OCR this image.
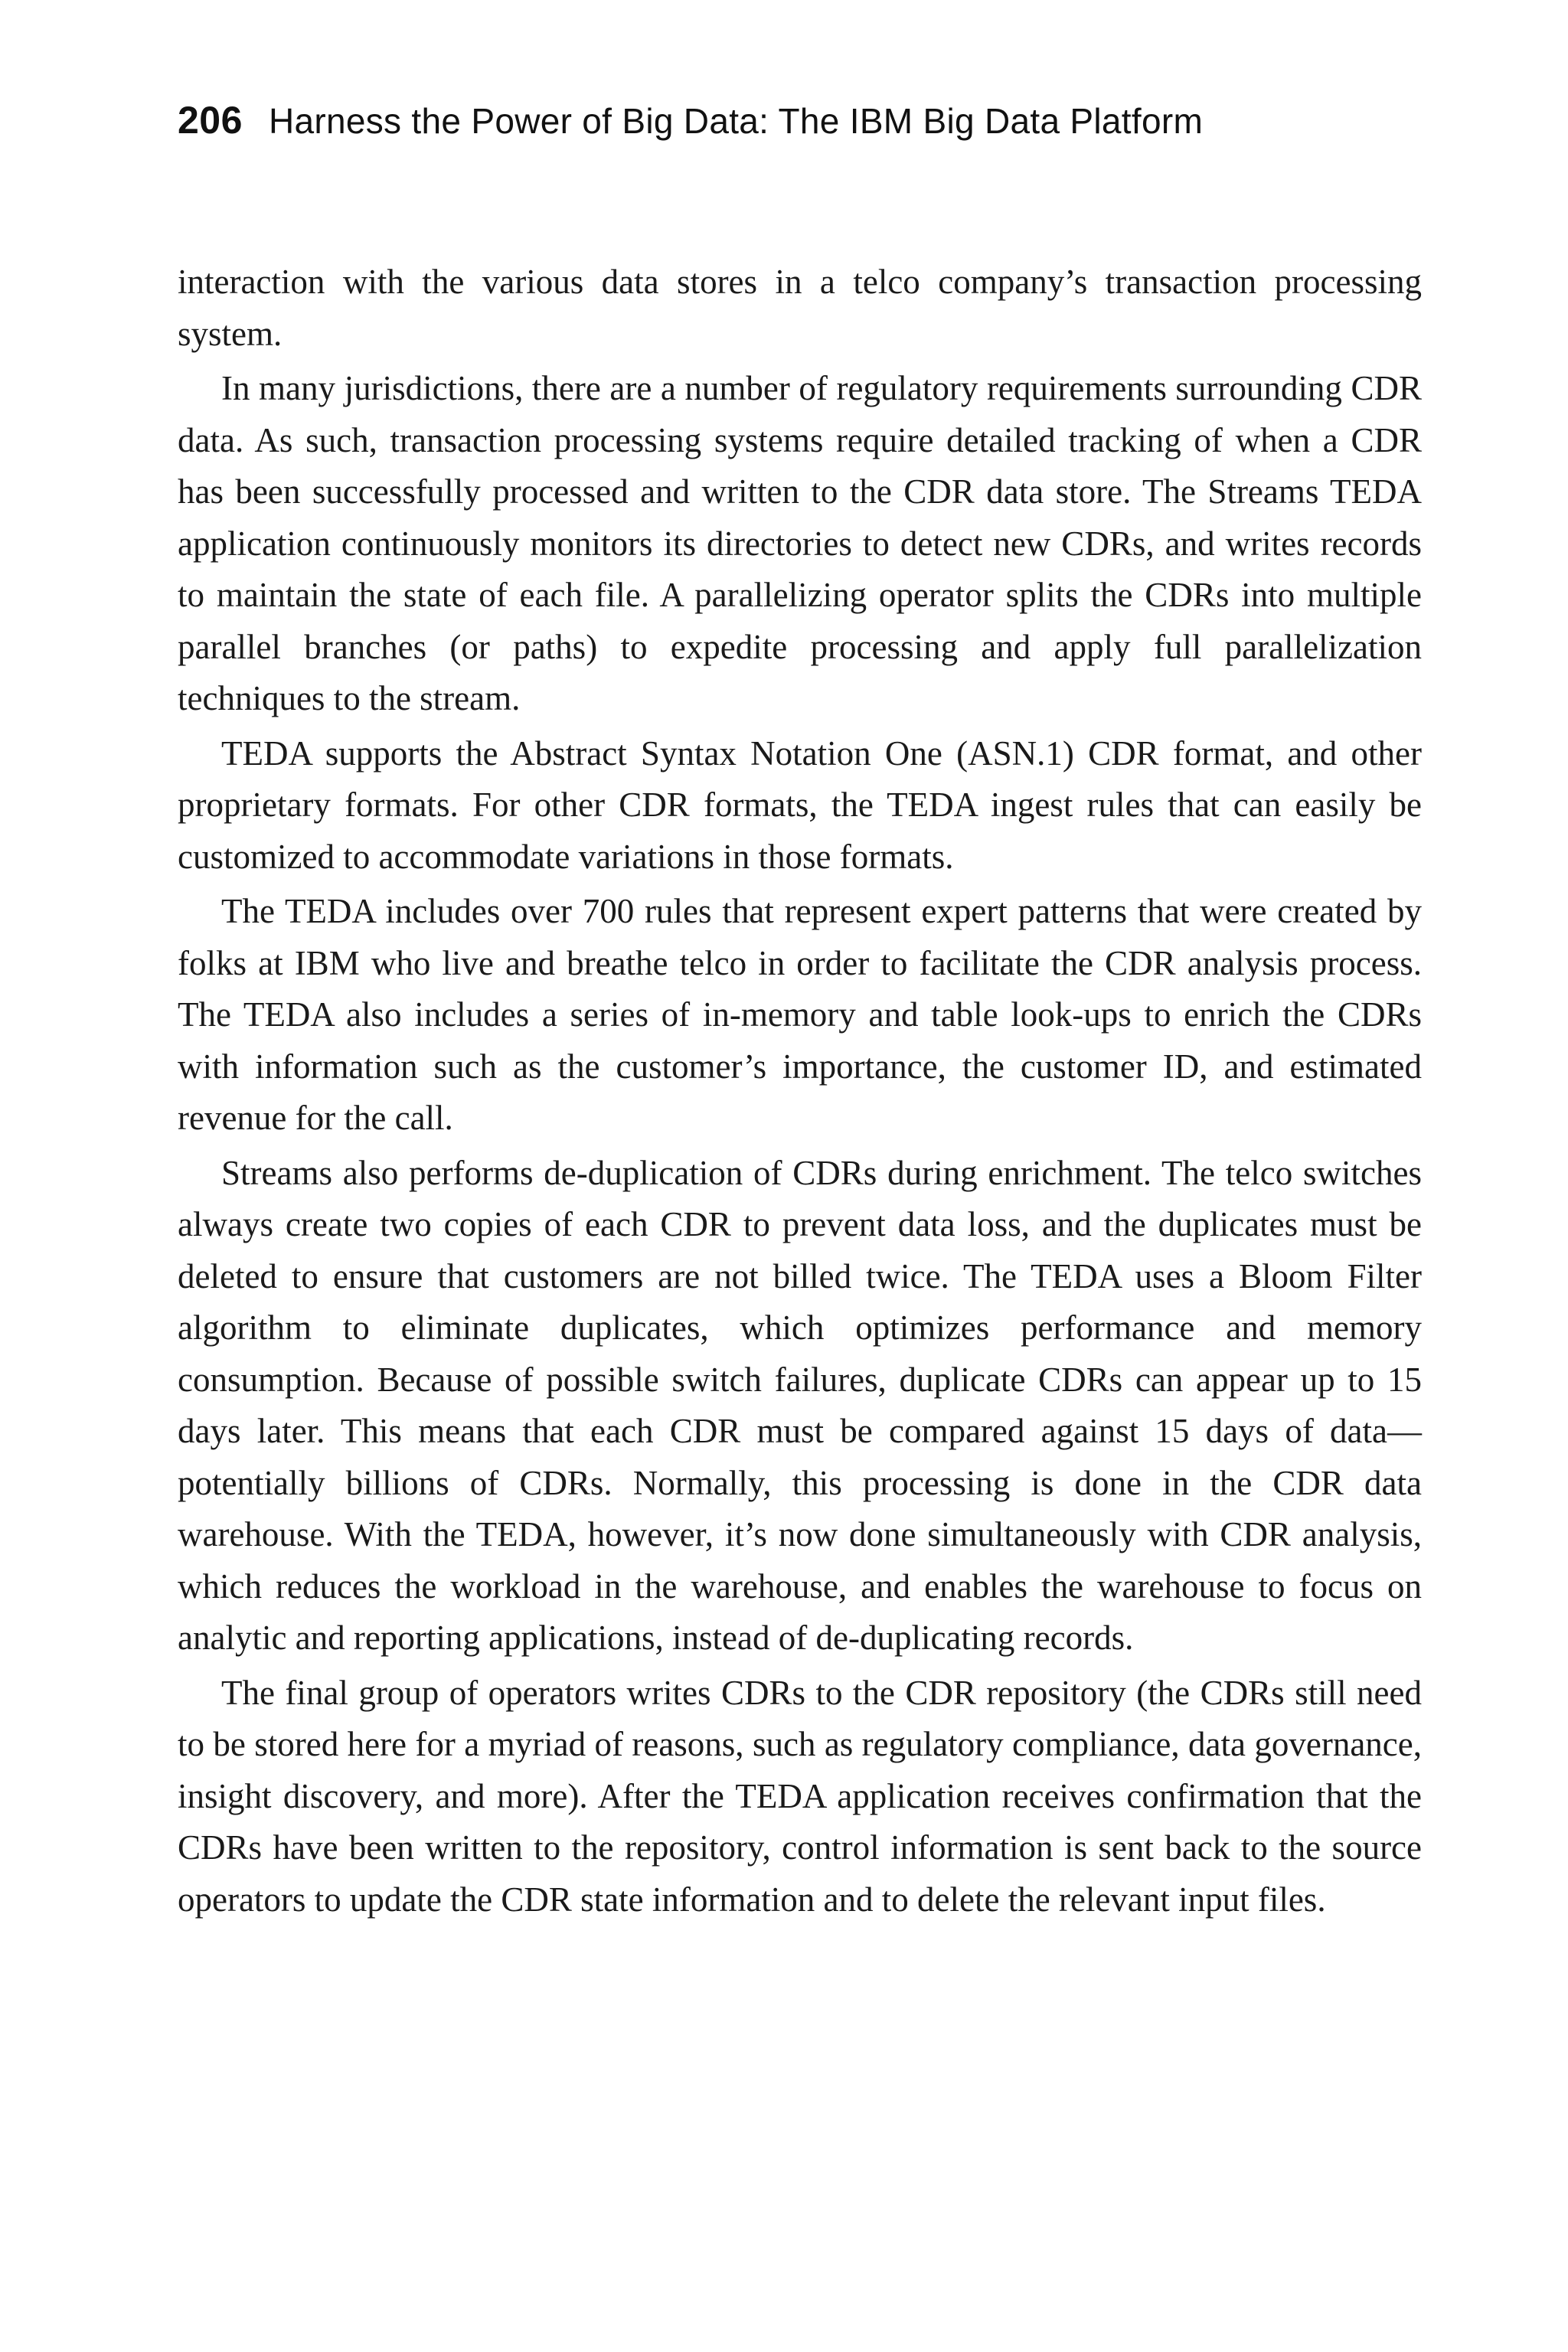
206 Harness the Power of Big Data: The IBM Big Data Platform

interaction with the various data stores in a telco company’s transaction processing system.

In many jurisdictions, there are a number of regulatory requirements surrounding CDR data. As such, transaction processing systems require detailed tracking of when a CDR has been successfully processed and written to the CDR data store. The Streams TEDA application continuously monitors its directories to detect new CDRs, and writes records to maintain the state of each file. A parallelizing operator splits the CDRs into multiple parallel branches (or paths) to expedite processing and apply full parallelization techniques to the stream.

TEDA supports the Abstract Syntax Notation One (ASN.1) CDR format, and other proprietary formats. For other CDR formats, the TEDA ingest rules that can easily be customized to accommodate variations in those formats.

The TEDA includes over 700 rules that represent expert patterns that were created by folks at IBM who live and breathe telco in order to facilitate the CDR analysis process. The TEDA also includes a series of in-memory and table look-ups to enrich the CDRs with information such as the customer’s importance, the customer ID, and estimated revenue for the call.

Streams also performs de-duplication of CDRs during enrichment. The telco switches always create two copies of each CDR to prevent data loss, and the duplicates must be deleted to ensure that customers are not billed twice. The TEDA uses a Bloom Filter algorithm to eliminate duplicates, which optimizes performance and memory consumption. Because of possible switch failures, duplicate CDRs can appear up to 15 days later. This means that each CDR must be compared against 15 days of data—potentially billions of CDRs. Normally, this processing is done in the CDR data warehouse. With the TEDA, however, it’s now done simultaneously with CDR analysis, which reduces the workload in the warehouse, and enables the warehouse to focus on analytic and reporting applications, instead of de-duplicating records.

The final group of operators writes CDRs to the CDR repository (the CDRs still need to be stored here for a myriad of reasons, such as regulatory compliance, data governance, insight discovery, and more). After the TEDA application receives confirmation that the CDRs have been written to the repository, control information is sent back to the source operators to update the CDR state information and to delete the relevant input files.
